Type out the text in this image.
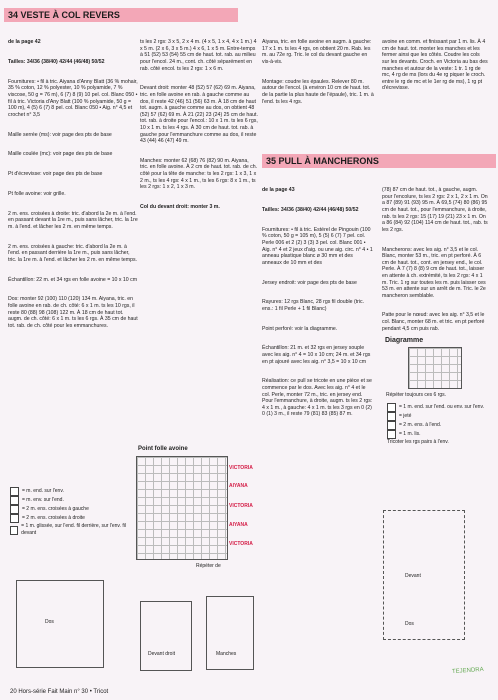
34 VESTE À COL REVERS
35 PULL À MANCHERONS

de la page 42

Tailles: 34/36 (38/40) 42/44 (46/48) 50/52

Fournitures: • fil à tric. Aiyana d'Anny Blatt (36 % mohair, 35 % coton, 12 % polyester, 10 % polyamide, 7 % viscose, 50 g = 76 m), 6 (7) 8 (9) 10 pel. col. Blanc 050 • fil à tric. Victoria d'Any Blatt (100 % polyamide, 50 g = 100 m), 4 (5) 6 (7) 8 pel. col. Blanc 050 • Aig. n° 4,5 et crochet n° 3,5

Maille serrée (ms): voir page des pts de base

Maille coulée (mc): voir page des pts de base

Pt d'écrevisse: voir page des pts de base

Pt folle avoine: voir grille.

2 m. ens. croisées à droite: tric. d'abord la 2e m. à l'end. en passant devant la 1re m., puis sans lâcher, tric. la 1re m. à l'end. et lâcher les 2 m. en même temps.

2 m. ens. croisées à gauche: tric. d'abord la 2e m. à l'end. en passant derrière la 1re m., puis sans lâcher, tric. la 1re m. à l'end. et lâcher les 2 m. en même temps.

Échantillon: 22 m. et 34 rgs en folle avoine = 10 x 10 cm

Dos: monter 92 (100) 110 (120) 134 m. Aiyana, tric. en folle avoine en rab. de ch. côté: 6 x 1 m. ts les 10 rgs, il reste 80 (88) 98 (108) 122 m. À 18 cm de haut tot. augm. de ch. côté: 6 x 1 m. ts les 6 rgs. À 35 cm de haut tot. rab. de ch. côté pour les emmanchures.

ts les 2 rgs: 3 x 5, 2 x 4 m. (4 x 5, 1 x 4, 4 x 1 m.) 4 x 5 m. (2 x 6, 3 x 5 m.) 4 x 6, 1 x 5 m. Entre-temps à 51 (52) 53 (54) 55 cm de haut. tot. rab. au milieu pour l'encol. 24 m., cont. ch. côté séparément en rab. côté encol. ts les 2 rgs: 1 x 6 m.

Devant droit: monter 48 (52) 57 (62) 69 m. Aiyana, tric. en folle avoine en rab. à gauche comme au dos, il reste 42 (46) 51 (56) 63 m. À 18 cm de haut tot. augm. à gauche comme au dos, on obtient 48 (52) 57 (62) 69 m. À 21 (22) 23 (24) 25 cm de haut. tot. rab. à droite pour l'encol.: 10 x 1 m. ts les 6 rgs, 10 x 1 m. ts les 4 rgs. À 30 cm de haut. tot. rab. à gauche pour l'emmanchure comme au dos, il reste 43 (44) 46 (47) 49 m.

Manches: monter 62 (68) 76 (82) 90 m. Aiyana, tric. en folle avoine. À 2 cm de haut. tot. rab. de ch. côté pour la tête de manche: ts les 2 rgs: 1 x 3, 1 x 2 m., ts les 4 rgs: 4 x 1 m., ts les 6 rgs: 8 x 1 m., ts les 2 rgs: 1 x 2, 1 x 3 m.

Col du devant droit: monter 3 m.

Aiyana, tric. en folle avoine en augm. à gauche: 17 x 1 m. ts les 4 rgs, on obtient 20 m. Rab. les m. au 72e rg. Tric. le col du devant gauche en vis-à-vis.

Montage: coudre les épaules. Relever 80 m. autour de l'encol. (à environ 10 cm de haut. tot. de la partie la plus haute de l'épaule), tric. 1 m. à l'end. ts les 4 rgs.

avoine en comm. et finissant par 1 m. lis. À 4 cm de haut. tot. monter les manches et les fermer ainsi que les côtés. Coudre les cols sur les devants. Croch. en Victoria au bas des manches et autour de la veste: 1 tr. 1 rg de mc, 4 rg de ms (lors du 4e rg piquer le croch. entre le rg de mc et le 1er rg de ms), 1 rg pt d'écrevisse.

de la page 43

Tailles: 34/36 (38/40) 42/44 (46/48) 50/52

Fournitures: • fil à tric. Estérel de Pingouin (100 % coton, 50 g = 105 m), 5 (5) 6 (7) 7 pel. col. Perle 006 et 2 (2) 3 (3) 3 pel. col. Blanc 001 • Aig. n° 4 et 2 jeux d'aig. ou une aig. circ. n° 4 • 1 anneau plastique blanc ø 30 mm et des anneaux de 10 mm et des

Jersey endroit: voir page des pts de base

Rayures: 12 rgs Blanc, 28 rgs fil double (tric. ens.: 1 fil Perle + 1 fil Blanc)

Point perforé: voir la diagramme.

Échantillon: 21 m. et 32 rgs en jersey souple avec les aig. n° 4 = 10 x 10 cm; 24 m. et 34 rgs en pt ajouré avec les aig. n° 3,5 = 10 x 10 cm

Réalisation: ce pull se tricote en une pièce et se commence par le dos. Avec les aig. n° 4 et le col. Perle, monter 72 m., tric. en jersey end. Pour l'emmanchure, à droite, augm. ts les 2 rgs: 4 x 1 m., à gauche: 4 x 1 m. ts les 3 rgs en 0 (2) 0 (1) 3 m., il reste 79 (81) 83 (85) 87 m.

(78) 87 cm de haut. tot., à gauche, augm. pour l'encolure, ts les 2 rgs: 2 x 1, 2 x 1 m. On a 87 (89) 91 (93) 95 m. À 69,5 (74) 80 (86) 95 cm de haut. tot., pour l'emmanchure, à droite, rab. ts les 2 rgs: 15 (17) 19 (21) 23 x 1 m. On a 86 (84) 92 (104) 114 cm de haut. tot., rab. ts les 2 rgs.

Mancherons: avec les aig. n° 3,5 et le col. Blanc, monter 53 m., tric. en pt perforé. À 6 cm de haut. tot., cont. en jersey end., le col. Perle. À 7 (7) 8 (8) 9 cm de haut. tot., laisser en attente à ch. extrémité, ts les 2 rgs: 4 x 1 m. Tric. 1 rg sur toutes les m. puis laisser ces 53 m. en attente sur un arrêt de m. Tric. le 2e mancheron semblable.

Patte pour le nœud: avec les aig. n° 3,5 et le col. Blanc, monter 68 m. et tric. en pt perforé pendant 4,5 cm puis rab.

Diagramme
Répéter toujours ces 6 rgs.
= 1 m. end. sur l'end. ou env. sur l'env.
= jeté
= 2 m. ens. à l'end.
= 1 m. lis.
Tricoter les rgs pairs à l'env.
Point folle avoine
VICTORIA
AIYANA
VICTORIA
AIYANA
VICTORIA
Répéter de
= m. end. sur l'env.
= m. env. sur l'end.
= 2 m. ens. croisées à gauche
= 2 m. ens. croisées à droite
= 1 m. glissée, sur l'end. fil derrière, sur l'env. fil devant
Dos
Devant droit	Manches
Devant
Dos
TEJENDRA
20 Hors-série Fait Main n° 30 • Tricot
